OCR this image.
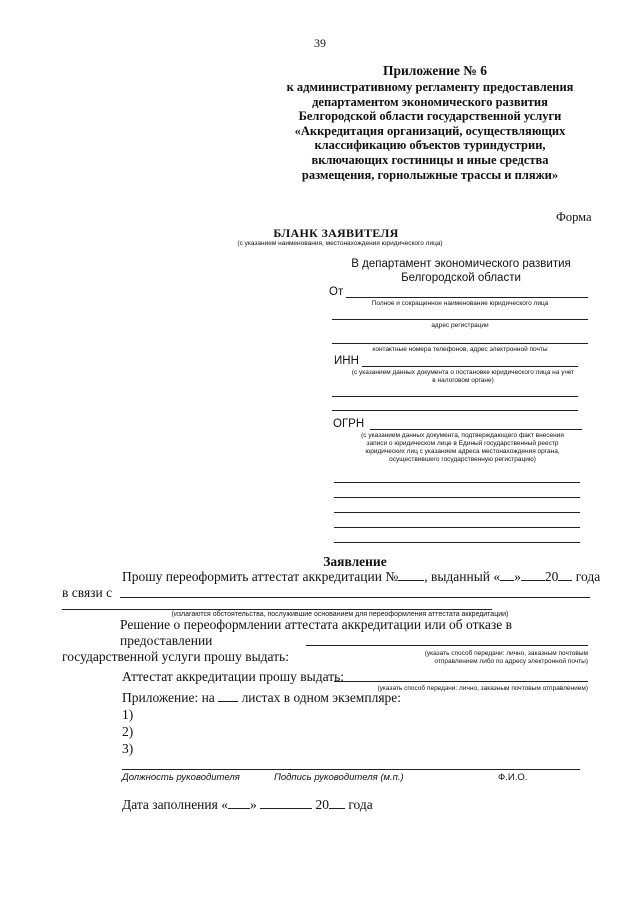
39
Приложение № 6
к административному регламенту предоставления
департаментом экономического развития
Белгородской области государственной услуги
«Аккредитация организаций, осуществляющих
классификацию объектов туриндустрии,
включающих гостиницы и иные средства
размещения, горнолыжные трассы и пляжи»
Форма
БЛАНК ЗАЯВИТЕЛЯ
(с указанием наименования, местонахождения юридического лица)
В департамент экономического развития
Белгородской области
От
Полное и сокращенное наименование юридического лица
адрес регистрации
контактные номера телефонов, адрес электронной почты
ИНН
(с указанием данных документа о постановке юридического лица на учет
в налоговом органе)
ОГРН
(с указанием данных документа, подтверждающего факт внесения
записи о юридическом лице в Единый государственный реестр
юридических лиц с указанием адреса местонахождения органа,
осуществившего государственную регистрацию)
Заявление
Прошу переоформить аттестат аккредитации № , выданный « » 20 года
в связи с
(излагаются обстоятельства, послужившие основанием для переоформления аттестата аккредитации)
Решение о переоформлении аттестата аккредитации или об отказе в предоставлении
государственной услуги прошу выдать:	(указать способ передачи: лично, заказным почтовым
отправлением либо по адресу электронной почты)
Аттестат аккредитации прошу выдать:
(указать способ передачи: лично, заказным почтовым отправлением)
Приложение: на листах в одном экземпляре:
1)
2)
3)
Должность руководителя	Подпись руководителя (м.п.)	Ф.И.О.
Дата заполнения « »	20 года
